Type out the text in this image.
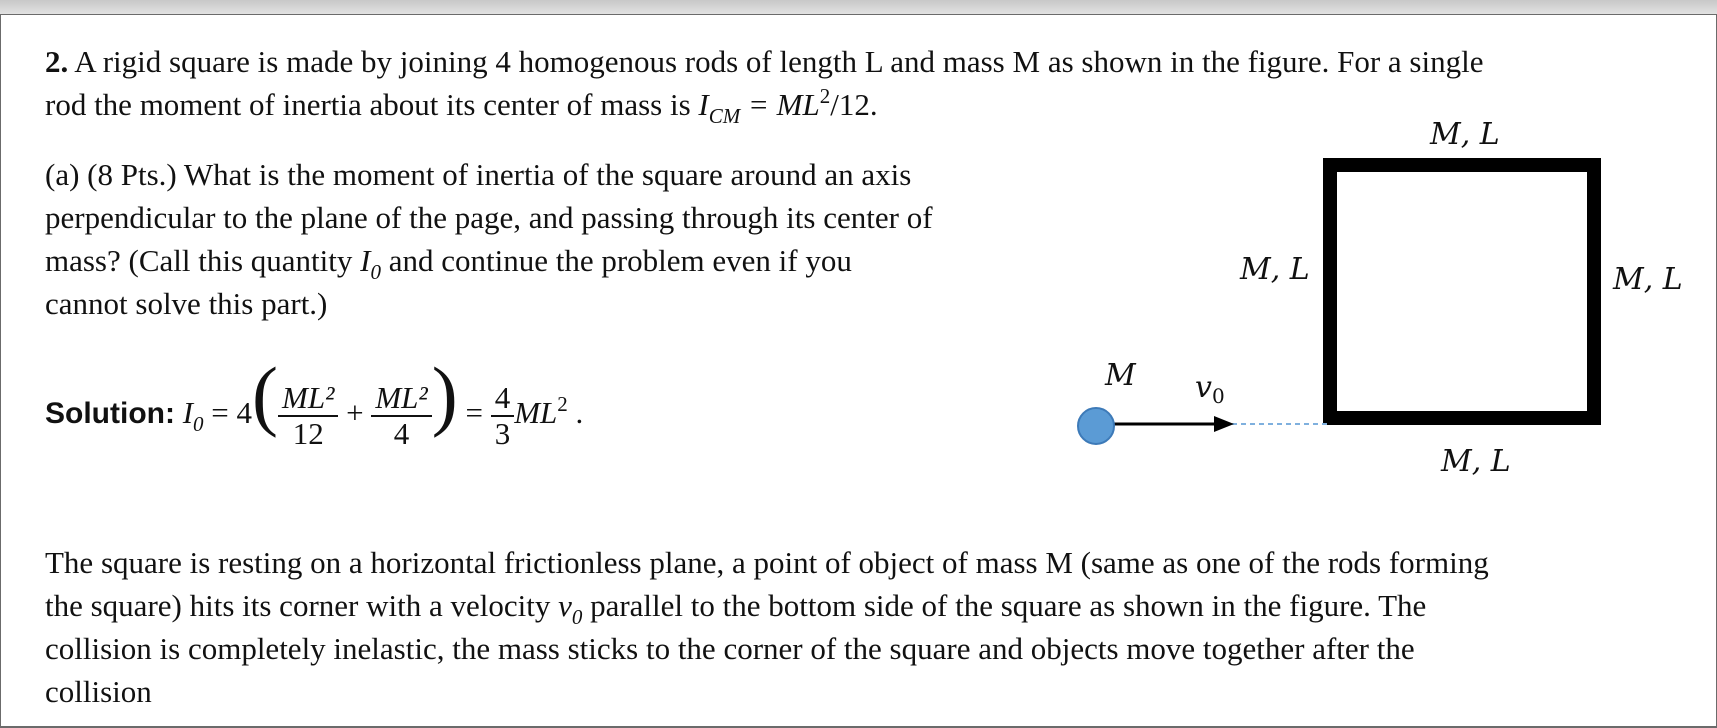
2. A rigid square is made by joining 4 homogenous rods of length L and mass M as shown in the figure. For a single
rod the moment of inertia about its center of mass is $I_{CM} = ML^2/12$.
(a) (8 Pts.) What is the moment of inertia of the square around an axis
perpendicular to the plane of the page, and passing through its center of
mass? (Call this quantity $I_0$ and continue the problem even if you
cannot solve this part.)
Solution: $I_0 = 4( \frac{\text{ML²}}{12} + \frac{\text{ML²}}{4}$ ) = $\frac{4}{3} ML^2$ .
M, L
M, L	M, L
M, L
M $v_0$
The square is resting on a horizontal frictionless plane, a point of object of mass M (same as one of the rods forming
the square) hits its corner with a velocity $v_0$ parallel to the bottom side of the square as shown in the figure. The
collision is completely inelastic, the mass sticks to the corner of the square and objects move together after the
collision
